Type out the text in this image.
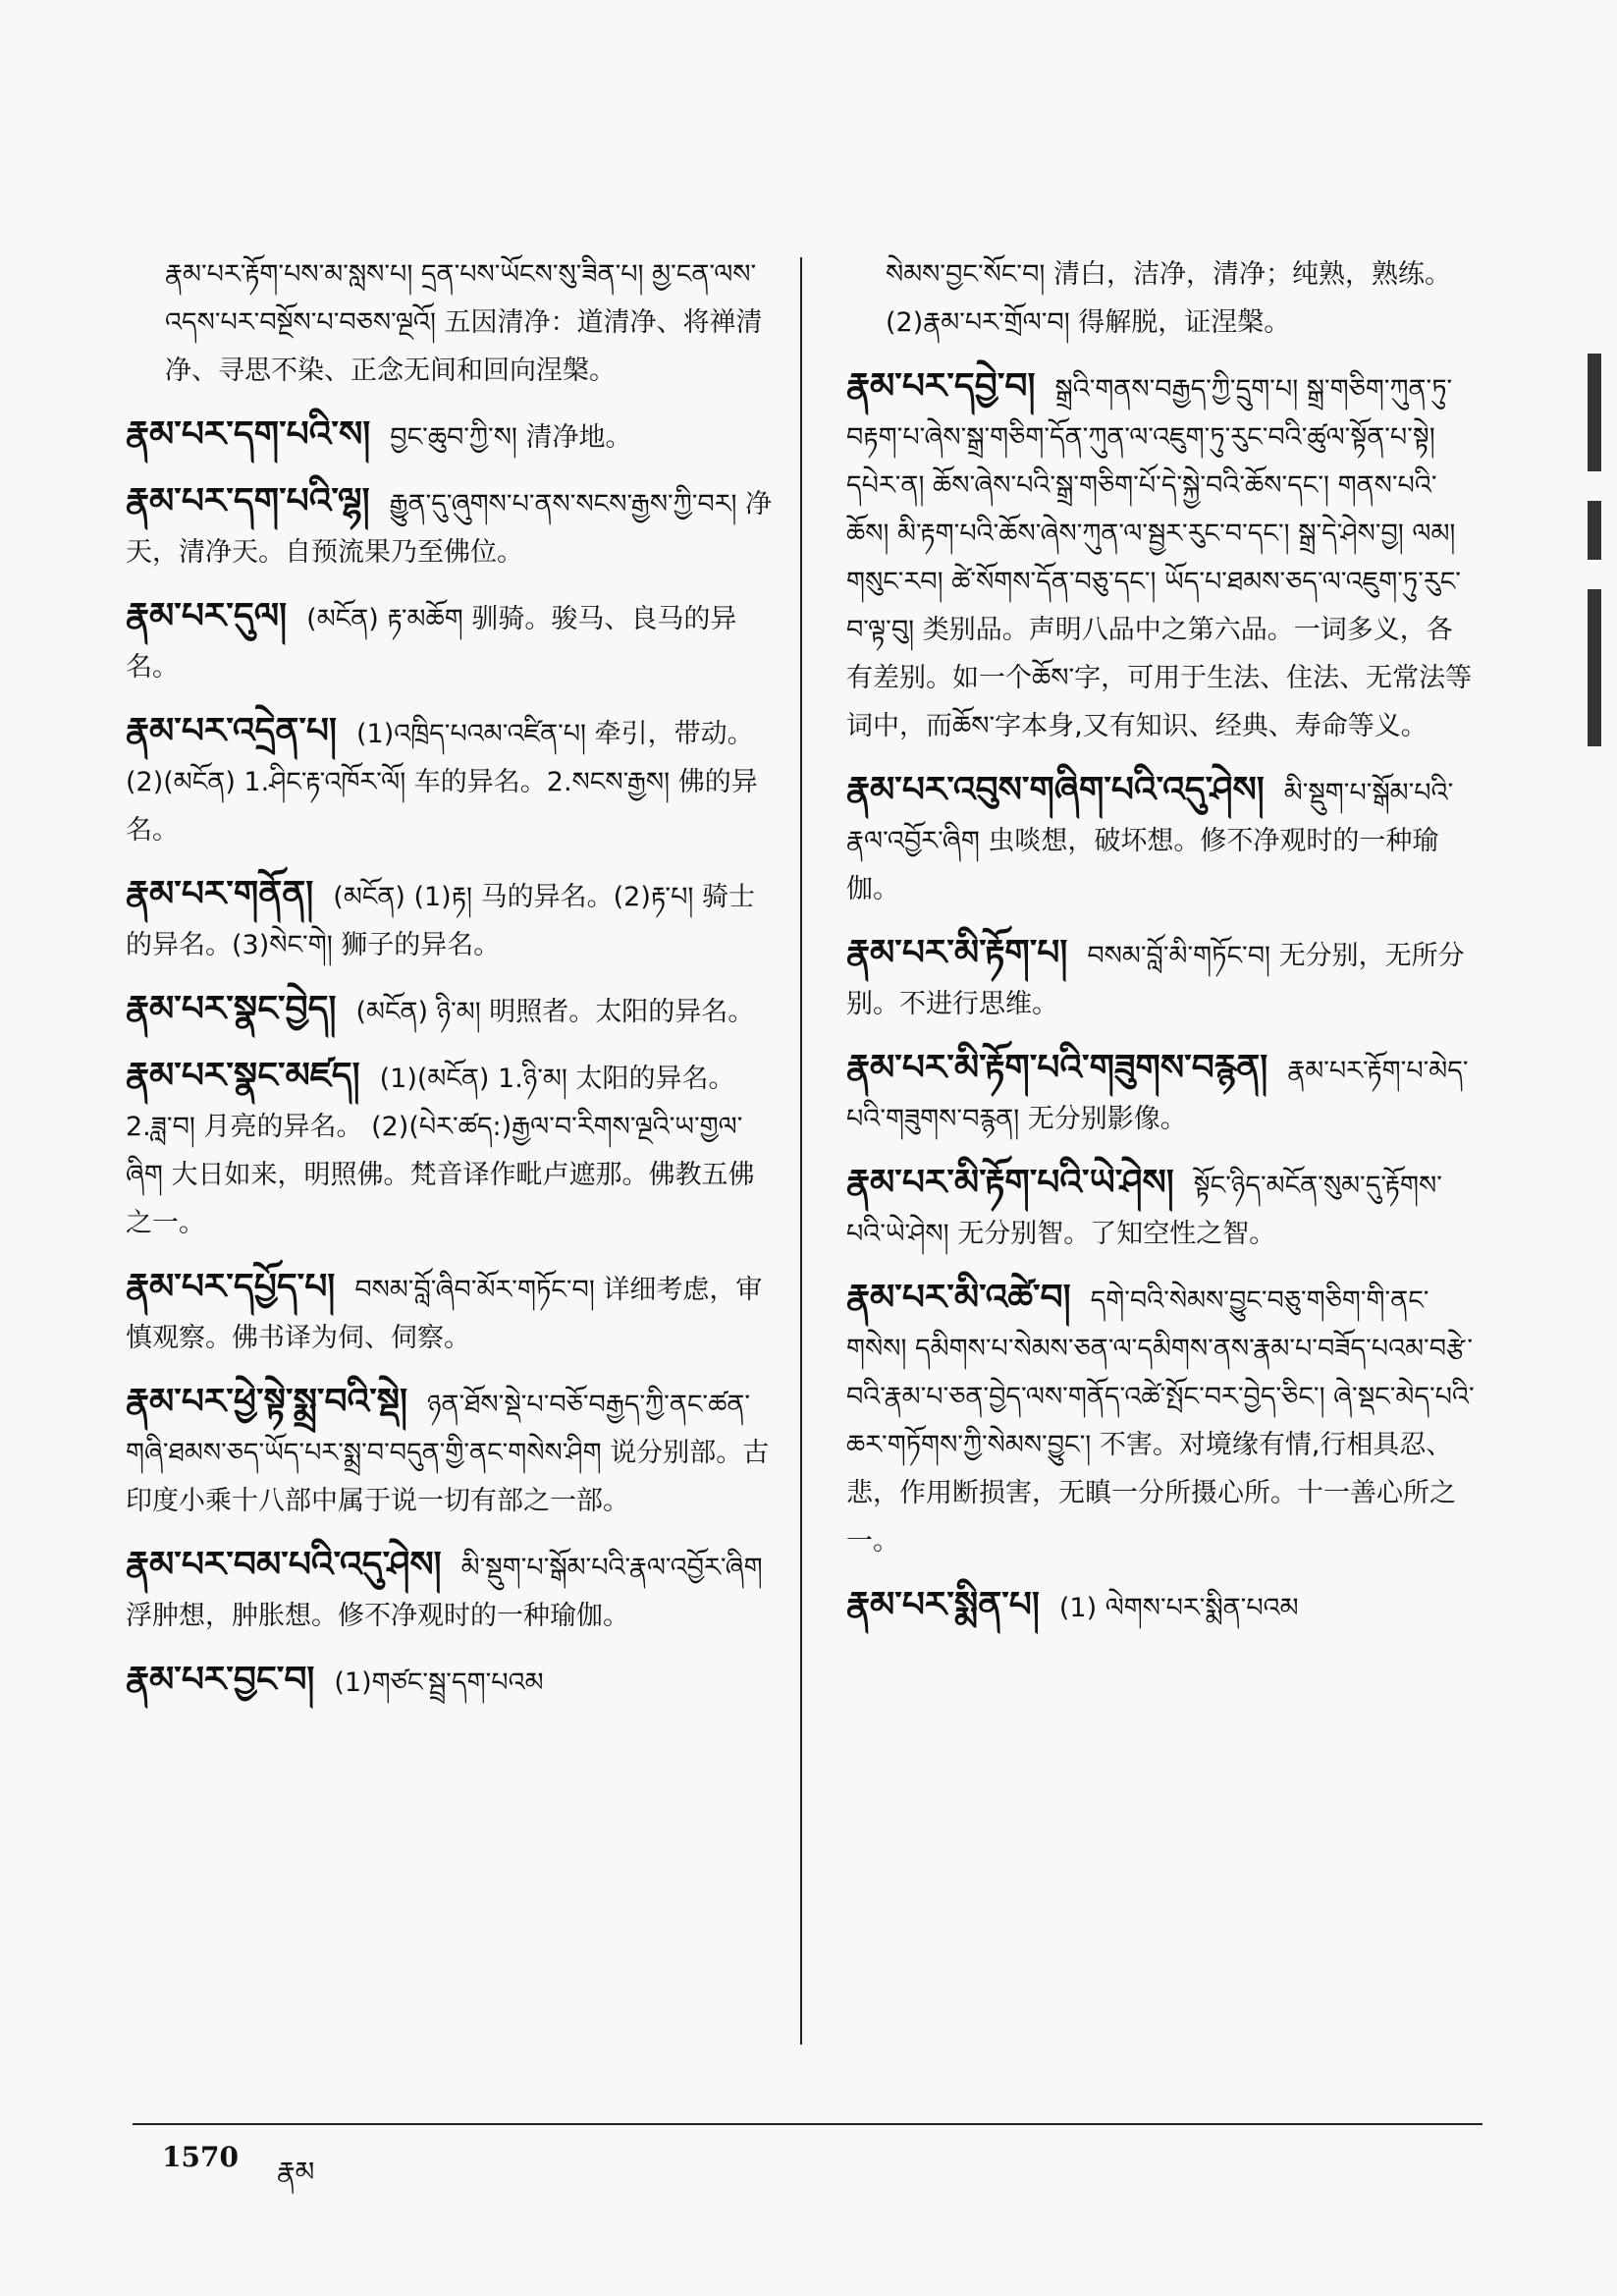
རྣམ་པར་རྟོག་པས་མ་སླས་པ། དྲན་པས་ཡོངས་སུ་ཟིན་པ། མྱ་ངན་ལས་འདས་པར་བསྔོས་པ་བཅས་ལྔའོ། 五因清净：道清净、将禅清净、寻思不染、正念无间和回向涅槃。
རྣམ་པར་དག་པའི་ས། བྱང་ཆུབ་ཀྱི་ས། 清净地。
རྣམ་པར་དག་པའི་ལྷ། རྒྱུན་དུ་ཞུགས་པ་ནས་སངས་རྒྱས་ཀྱི་བར། 净天，清净天。自预流果乃至佛位。
རྣམ་པར་དུལ། (མངོན) རྟ་མཆོག 驯骑。骏马、良马的异名。
རྣམ་པར་འདྲེན་པ། (1)འཁྲིད་པའམ་འཛིན་པ། 牵引，带动。(2)(མངོན) 1.ཤིང་རྟ་འཁོར་ལོ། 车的异名。2.སངས་རྒྱས། 佛的异名。
རྣམ་པར་གནོན། (མངོན) (1)རྟ། 马的异名。(2)རྟ་པ། 骑士的异名。(3)སེང་གེ། 狮子的异名。
རྣམ་པར་སྣང་བྱེད། (མངོན) ཉི་མ། 明照者。太阳的异名。
རྣམ་པར་སྣང་མཛད། (1)(མངོན) 1.ཉི་མ། 太阳的异名。 2.ཟླ་བ། 月亮的异名。 (2)(པེར་ཚད:)རྒྱལ་བ་རིགས་ལྔའི་ཡ་གྱལ་ཞིག 大日如来，明照佛。梵音译作毗卢遮那。佛教五佛之一。
རྣམ་པར་དཔྱོད་པ། བསམ་བློ་ཞིབ་མོར་གཏོང་བ། 详细考虑，审慎观察。佛书译为伺、伺察。
རྣམ་པར་ཕྱེ་སྟེ་སྨྲ་བའི་སྡེ། ཉན་ཐོས་སྡེ་པ་བཅོ་བརྒྱད་ཀྱི་ནང་ཚན་གཞི་ཐམས་ཅད་ཡོད་པར་སྨྲ་བ་བདུན་གྱི་ནང་གསེས་ཤིག 说分别部。古印度小乘十八部中属于说一切有部之一部。
རྣམ་པར་བམ་པའི་འདུ་ཤེས། མི་སྡུག་པ་སྒོམ་པའི་རྣལ་འབྱོར་ཞིག 浮肿想，肿胀想。修不净观时的一种瑜伽。
རྣམ་པར་བྱང་བ། (1)གཙང་སྦྲ་དག་པའམ
སེམས་བྱང་སོང་བ། 清白，洁净，清净；纯熟，熟练。(2)རྣམ་པར་གྲོལ་བ། 得解脱，证涅槃。
རྣམ་པར་དབྱེ་བ། སྒྲའི་གནས་བརྒྱད་ཀྱི་དྲུག་པ། སྒྲ་གཅིག་ཀུན་ཏུ་བརྟག་པ་ཞེས་སྒྲ་གཅིག་དོན་ཀུན་ལ་འཇུག་ཏུ་རུང་བའི་ཚུལ་སྟོན་པ་སྟེ། དཔེར་ན། ཆོས་ཞེས་པའི་སྒྲ་གཅིག་པོ་དེ་སྐྱེ་བའི་ཆོས་དང་། གནས་པའི་ཆོས། མི་རྟག་པའི་ཆོས་ཞེས་ཀུན་ལ་སྦྱར་རུང་བ་དང་། སྒྲ་དེ་ཤེས་བྱ། ལམ། གསུང་རབ། ཚེ་སོགས་དོན་བཅུ་དང་། ཡོད་པ་ཐམས་ཅད་ལ་འཇུག་ཏུ་རུང་བ་ལྟ་བུ། 类别品。声明八品中之第六品。一词多义，各有差别。如一个ཆོས་字，可用于生法、住法、无常法等词中，而ཆོས་字本身,又有知识、经典、寿命等义。
རྣམ་པར་འབུས་གཞིག་པའི་འདུ་ཤེས། མི་སྡུག་པ་སྒོམ་པའི་རྣལ་འབྱོར་ཞིག 虫啖想，破坏想。修不净观时的一种瑜伽。
རྣམ་པར་མི་རྟོག་པ། བསམ་བློ་མི་གཏོང་བ། 无分别，无所分别。不进行思维。
རྣམ་པར་མི་རྟོག་པའི་གཟུགས་བརྙན། རྣམ་པར་རྟོག་པ་མེད་པའི་གཟུགས་བརྙན། 无分别影像。
རྣམ་པར་མི་རྟོག་པའི་ཡེ་ཤེས། སྟོང་ཉིད་མངོན་སུམ་དུ་རྟོགས་པའི་ཡེ་ཤེས། 无分别智。了知空性之智。
རྣམ་པར་མི་འཚེ་བ། དགེ་བའི་སེམས་བྱུང་བཅུ་གཅིག་གི་ནང་གསེས། དམིགས་པ་སེམས་ཅན་ལ་དམིགས་ནས་རྣམ་པ་བཟོད་པའམ་བརྩེ་བའི་རྣམ་པ་ཅན་བྱེད་ལས་གནོད་འཚེ་སྤོང་བར་བྱེད་ཅིང་། ཞེ་སྡང་མེད་པའི་ཆར་གཏོགས་ཀྱི་སེམས་བྱུང་། 不害。对境缘有情,行相具忍、悲，作用断损害，无瞋一分所摄心所。十一善心所之一。
རྣམ་པར་སྨིན་པ། (1) ལེགས་པར་སྨིན་པའམ
1570 རྣམ
